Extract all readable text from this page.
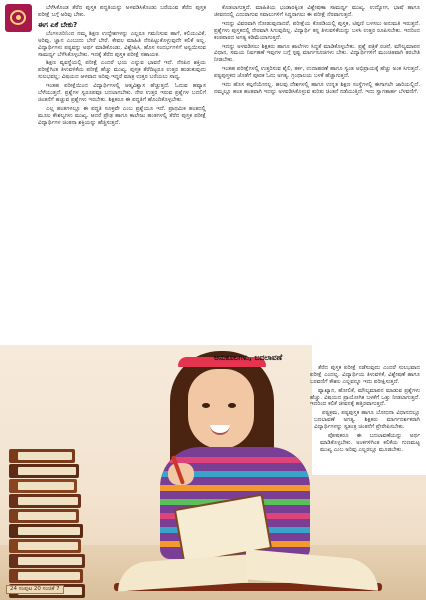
ಬೆಳೆಸಿಕೊಂಡ ತೆರೆದ ಪುಸ್ತಕ ಪದ್ಧತಿಯನ್ನು ಅಳವಡಿಸಿಕೊಂಡು ಬರೆಯುವ ತೆರೆದ ಪುಸ್ತಕ ಪರೀಕ್ಷೆ ಬಗ್ಗೆ ಅರಿವು ಬೇಕು.

ಈಗ ಏಕೆ ಬೇಕು?

ಬೆಂಗಳೂರಿನಿಂದ ನಮ್ಮ ಶಿಕ್ಷಣ ಉದ್ದೇಶಗಳನ್ನು ಎಲ್ಲರೂ ಗಮನಿಸುವ ಹಾಗೆ, ಕಲಿಯುವಿಕೆ, ಅರಿವು, ಜ್ಞಾನ ಎಂಬುದು ಬೇರೆ ಬೇರೆ. ಕೇವಲ ಮಾಹಿತಿ ನೆನಪಿಟ್ಟುಕೊಳ್ಳುವುದೇ ಕಲಿಕೆ ಅಲ್ಲ. ವಿದ್ಯಾರ್ಥಿಗಳು ಪಠ್ಯವನ್ನು ಅರ್ಥ ಮಾಡಿಕೊಂಡು, ವಿಶ್ಲೇಷಿಸಿ, ಹೊಸ ಸಂದರ್ಭಗಳಿಗೆ ಅನ್ವಯಿಸುವ ಸಾಮರ್ಥ್ಯ ಬೆಳೆಸಿಕೊಳ್ಳಬೇಕು. ಇದಕ್ಕೆ ತೆರೆದ ಪುಸ್ತಕ ಪರೀಕ್ಷೆ ಸಹಾಯಕ.

ಶಿಕ್ಷಣ ವ್ಯವಸ್ಥೆಯಲ್ಲಿ ಪರೀಕ್ಷೆ ಎಂದರೆ ಭಯ ಎನ್ನುವ ಭಾವನೆ ಇದೆ. ನೆನಪಿನ ಶಕ್ತಿಯ ಪರೀಕ್ಷೆಗಿಂತ ತಿಳುವಳಿಕೆಯ ಪರೀಕ್ಷೆ ಹೆಚ್ಚು ಮುಖ್ಯ. ಪುಸ್ತಕ ತೆರೆದಿಟ್ಟರೂ ಉತ್ತರ ಹುಡುಕುವುದು ಸುಲಭವಲ್ಲ; ವಿಷಯದ ಆಳವಾದ ಅರಿವು ಇದ್ದರೆ ಮಾತ್ರ ಉತ್ತರ ಬರೆಯಲು ಸಾಧ್ಯ.

ಇಂತಹ ಪರೀಕ್ಷೆಯಿಂದ ವಿದ್ಯಾರ್ಥಿಗಳಲ್ಲಿ ಆತ್ಮವಿಶ್ವಾಸ ಹೆಚ್ಚುತ್ತದೆ. ಓದುವ ಹವ್ಯಾಸ ಬೆಳೆಯುತ್ತದೆ. ಪ್ರಶ್ನೆಗಳ ಸ್ವರೂಪವೂ ಬದಲಾಗಬೇಕು. ನೇರ ಉತ್ತರ ಇರುವ ಪ್ರಶ್ನೆಗಳ ಬದಲಿಗೆ ಚಿಂತನೆಗೆ ಹಚ್ಚುವ ಪ್ರಶ್ನೆಗಳು ಇರಬೇಕು. ಶಿಕ್ಷಕರೂ ಈ ಪದ್ಧತಿಗೆ ಹೊಂದಿಕೊಳ್ಳಬೇಕು.

ಎಲ್ಲ ಹಂತಗಳಲ್ಲೂ ಈ ಪದ್ಧತಿ ಸೂಕ್ತವೇ ಎಂಬ ಪ್ರಶ್ನೆಯೂ ಇದೆ. ಪ್ರಾಥಮಿಕ ಹಂತದಲ್ಲಿ ಮೂಲ ಕೌಶಲ್ಯಗಳು ಮುಖ್ಯ. ಆದರೆ ಪ್ರೌಢ ಹಾಗೂ ಕಾಲೇಜು ಹಂತಗಳಲ್ಲಿ ತೆರೆದ ಪುಸ್ತಕ ಪರೀಕ್ಷೆ ವಿದ್ಯಾರ್ಥಿಗಳ ಚಿಂತನಾ ಶಕ್ತಿಯನ್ನು ಹೆಚ್ಚಿಸುತ್ತದೆ.

ಕೊಡಲಾಗುತ್ತದೆ. ಮಾಹಿತಿಯ ಭಂಡಾರಕ್ಕಿಂತ ವಿಶ್ಲೇಷಣಾ ಸಾಮರ್ಥ್ಯ ಮುಖ್ಯ. ಉದ್ಯೋಗ, ಭಾಷೆ ಹಾಗೂ ಜೀವನದಲ್ಲಿ ಎದುರಾಗುವ ಸವಾಲುಗಳಿಗೆ ಸಿದ್ಧರಾಗಲು ಈ ಪರೀಕ್ಷೆ ನೆರವಾಗುತ್ತದೆ.

ಇದನ್ನು ವಿವರವಾಗಿ ನೋಡುವುದಾದರೆ, ಪರೀಕ್ಷೆಯ ಕೊಠಡಿಯಲ್ಲಿ ಪುಸ್ತಕ, ಟಿಪ್ಪಣಿ ಬಳಸಲು ಅನುಮತಿ ಇರುತ್ತದೆ. ಪ್ರಶ್ನೆಗಳು ಪುಸ್ತಕದಲ್ಲಿ ನೇರವಾಗಿ ಸಿಗುವುದಿಲ್ಲ. ವಿದ್ಯಾರ್ಥಿ ತನ್ನ ತಿಳುವಳಿಕೆಯನ್ನು ಬಳಸಿ ಉತ್ತರ ರೂಪಿಸಬೇಕು. ಇದರಿಂದ ಕಂಠಪಾಠದ ಅಗತ್ಯ ಕಡಿಮೆಯಾಗುತ್ತದೆ.

ಇದನ್ನು ಅಳವಡಿಸಲು ಶಿಕ್ಷಕರು ಹಾಗೂ ಶಾಲೆಗಳು ಸಿದ್ಧತೆ ಮಾಡಿಕೊಳ್ಳಬೇಕು. ಪ್ರಶ್ನೆ ಪತ್ರಿಕೆ ರಚನೆ, ಮೌಲ್ಯಮಾಪನ ವಿಧಾನ, ಸಮಯ ನಿರ್ವಹಣೆ ಇವುಗಳ ಬಗ್ಗೆ ಸ್ಪಷ್ಟ ಮಾರ್ಗಸೂಚಿಗಳು ಬೇಕು. ವಿದ್ಯಾರ್ಥಿಗಳಿಗೆ ಮುಂಚಿತವಾಗಿ ತರಬೇತಿ ನೀಡಬೇಕು.

ಇಂತಹ ಪರೀಕ್ಷೆಗಳಲ್ಲಿ ಉತ್ತರಿಸುವ ಶೈಲಿ, ತರ್ಕ, ಉದಾಹರಣೆ ಹಾಗೂ ಸ್ವಂತ ಅಭಿಪ್ರಾಯಕ್ಕೆ ಹೆಚ್ಚು ಅಂಕ ಸಿಗುತ್ತದೆ. ಪಠ್ಯಪುಸ್ತಕದ ಜೊತೆಗೆ ಪೂರಕ ಓದು ಅಗತ್ಯ. ಗ್ರಂಥಾಲಯ ಬಳಕೆ ಹೆಚ್ಚಾಗುತ್ತದೆ.

ಇದು ಹೊಸ ಕಲ್ಪನೆಯೇನಲ್ಲ. ಹಲವು ದೇಶಗಳಲ್ಲಿ ಹಾಗೂ ಉನ್ನತ ಶಿಕ್ಷಣ ಸಂಸ್ಥೆಗಳಲ್ಲಿ ಈಗಾಗಲೇ ಜಾರಿಯಲ್ಲಿದೆ. ನಮ್ಮಲ್ಲೂ ಹಂತ ಹಂತವಾಗಿ ಇದನ್ನು ಅಳವಡಿಸಿಕೊಳ್ಳುವ ಕುರಿತು ಚಿಂತನೆ ನಡೆಯುತ್ತಿದೆ. ಇದು ಸ್ವಾಗತಾರ್ಹ ಬೆಳವಣಿಗೆ.

ಅನುಕೂಲಗಳು, ಬದಲಾವಣೆ

ತೆರೆದ ಪುಸ್ತಕ ಪರೀಕ್ಷೆ ನಡೆಸುವುದು ಎಂದರೆ ಸುಲಭವಾದ ಪರೀಕ್ಷೆ ಎಂದಲ್ಲ. ವಿದ್ಯಾರ್ಥಿಯ ತಿಳುವಳಿಕೆ, ವಿಶ್ಲೇಷಣೆ ಹಾಗೂ ಬರವಣಿಗೆ ಕೌಶಲ ಎಲ್ಲವನ್ನೂ ಇದು ಪರೀಕ್ಷಿಸುತ್ತದೆ.

ವ್ಯಾಖ್ಯಾನ, ಹೋಲಿಕೆ, ಮೌಲ್ಯಮಾಪನ ಮಾಡುವ ಪ್ರಶ್ನೆಗಳು ಹೆಚ್ಚು. ವಿಷಯದ ಪ್ರಾಯೋಗಿಕ ಬಳಕೆಗೆ ಒತ್ತು ನೀಡಲಾಗುತ್ತದೆ. ಇದರಿಂದ ಕಲಿಕೆ ಜೀವನಕ್ಕೆ ಹತ್ತಿರವಾಗುತ್ತದೆ.

ಪಠ್ಯಕ್ರಮ, ಪಠ್ಯಪುಸ್ತಕ ಹಾಗೂ ಬೋಧನಾ ವಿಧಾನದಲ್ಲೂ ಬದಲಾವಣೆ ಅಗತ್ಯ. ಶಿಕ್ಷಕರು ಮಾರ್ಗದರ್ಶಕರಾಗಿ ವಿದ್ಯಾರ್ಥಿಗಳನ್ನು ಸ್ವತಂತ್ರ ಚಿಂತನೆಗೆ ಪ್ರೇರೇಪಿಸಬೇಕು.

ಪೋಷಕರೂ ಈ ಬದಲಾವಣೆಯನ್ನು ಅರ್ಥ ಮಾಡಿಕೊಳ್ಳಬೇಕು. ಅಂಕಗಳಿಗಿಂತ ಕಲಿಕೆಯ ಗುಣಮಟ್ಟ ಮುಖ್ಯ ಎಂಬ ಅರಿವು ಎಲ್ಲರಲ್ಲೂ ಮೂಡಬೇಕು.

24 ಸಂಪುಟ 20 ಸಂಚಿಕೆ 7
